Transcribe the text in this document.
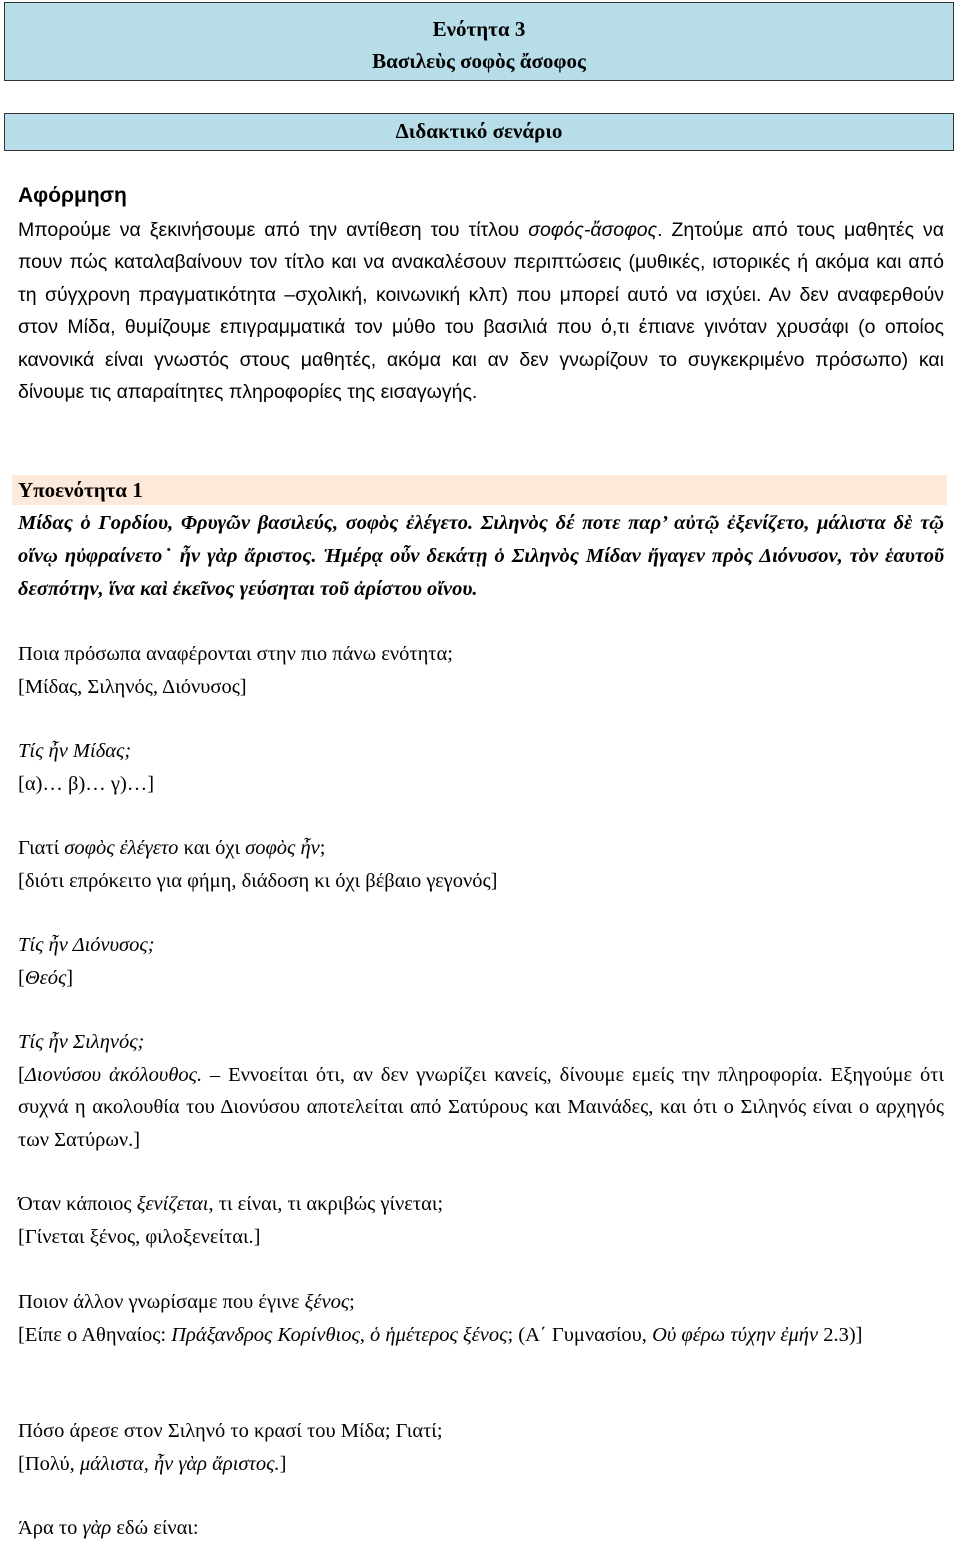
Ενότητα 3
Βασιλεὺς σοφὸς ἄσοφος
Διδακτικό σενάριο
Αφόρμηση
Μπορούμε να ξεκινήσουμε από την αντίθεση του τίτλου σοφός-ἄσοφος. Ζητούμε από τους μαθητές να πουν πώς καταλαβαίνουν τον τίτλο και να ανακαλέσουν περιπτώσεις (μυθικές, ιστορικές ή ακόμα και από τη σύγχρονη πραγματικότητα –σχολική, κοινωνική κλπ) που μπορεί αυτό να ισχύει. Αν δεν αναφερθούν στον Μίδα, θυμίζουμε επιγραμματικά τον μύθο του βασιλιά που ό,τι έπιανε γινόταν χρυσάφι (ο οποίος κανονικά είναι γνωστός στους μαθητές, ακόμα και αν δεν γνωρίζουν το συγκεκριμένο πρόσωπο) και δίνουμε τις απαραίτητες πληροφορίες της εισαγωγής.
Υποενότητα 1
Μίδας ὁ Γορδίου, Φρυγῶν βασιλεύς, σοφὸς ἐλέγετο. Σιληνὸς δέ ποτε παρ’ αὐτῷ ἐξενίζετο, μάλιστα δὲ τῷ οἴνῳ ηὐφραίνετο˙ ἦν γὰρ ἄριστος. Ἡμέρᾳ οὖν δεκάτῃ ὁ Σιληνὸς Μίδαν ἤγαγεν πρὸς Διόνυσον, τὸν ἑαυτοῦ δεσπότην, ἵνα καὶ ἐκεῖνος γεύσηται τοῦ ἀρίστου οἴνου.
Ποια πρόσωπα αναφέρονται στην πιο πάνω ενότητα;
[Μίδας, Σιληνός, Διόνυσος]
Τίς ἦν Μίδας;
[α)… β)… γ)…]
Γιατί σοφὸς ἐλέγετο και όχι σοφὸς ἦν;
[διότι επρόκειτο για φήμη, διάδοση κι όχι βέβαιο γεγονός]
Τίς ἦν Διόνυσος;
[Θεός]
Τίς ἦν Σιληνός;
[Διονύσου ἀκόλουθος. – Εννοείται ότι, αν δεν γνωρίζει κανείς, δίνουμε εμείς την πληροφορία. Εξηγούμε ότι συχνά η ακολουθία του Διονύσου αποτελείται από Σατύρους και Μαινάδες, και ότι ο Σιληνός είναι ο αρχηγός των Σατύρων.]
Όταν κάποιος ξενίζεται, τι είναι, τι ακριβώς γίνεται;
[Γίνεται ξένος, φιλοξενείται.]
Ποιον άλλον γνωρίσαμε που έγινε ξένος;
[Είπε ο Αθηναίος: Πράξανδρος Κορίνθιος, ὁ ἡμέτερος ξένος; (Α΄ Γυμνασίου, Οὐ φέρω τύχην ἐμήν 2.3)]
Πόσο άρεσε στον Σιληνό το κρασί του Μίδα; Γιατί;
[Πολύ, μάλιστα, ἦν γὰρ ἄριστος.]
Άρα το γὰρ εδώ είναι:
